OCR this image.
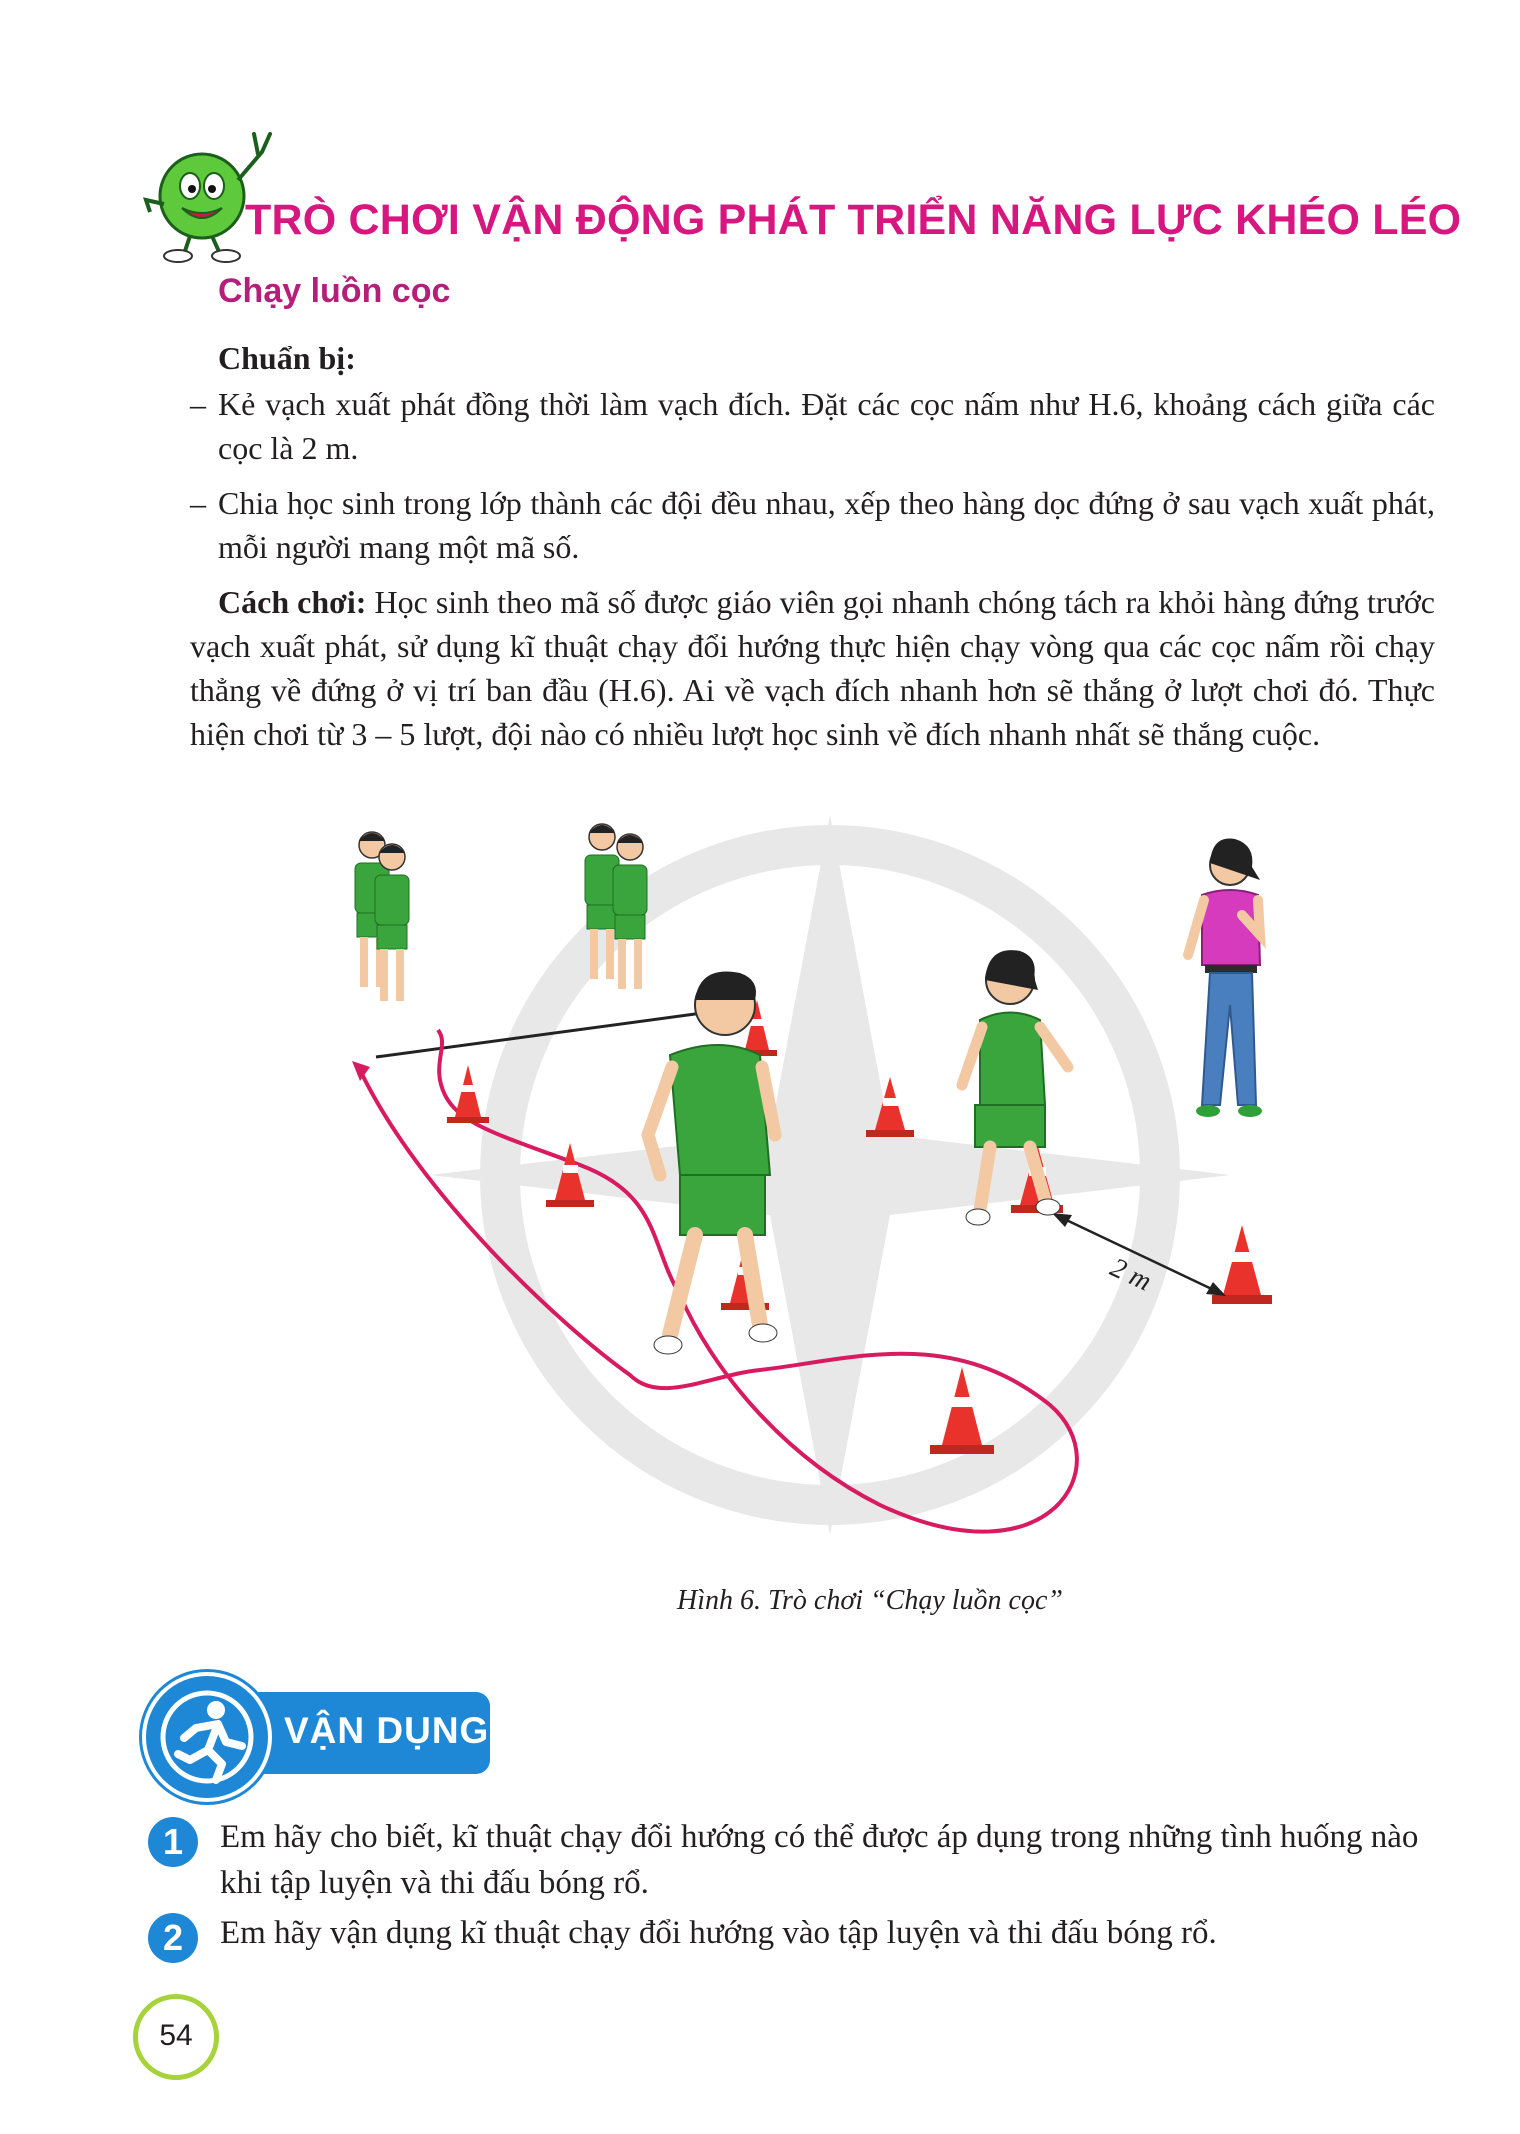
TRÒ CHƠI VẬN ĐỘNG PHÁT TRIỂN NĂNG LỰC KHÉO LÉO
Chạy luồn cọc
Chuẩn bị:
– Kẻ vạch xuất phát đồng thời làm vạch đích. Đặt các cọc nấm như H.6, khoảng cách giữa các cọc là 2 m.
– Chia học sinh trong lớp thành các đội đều nhau, xếp theo hàng dọc đứng ở sau vạch xuất phát, mỗi người mang một mã số.
Cách chơi: Học sinh theo mã số được giáo viên gọi nhanh chóng tách ra khỏi hàng đứng trước vạch xuất phát, sử dụng kĩ thuật chạy đổi hướng thực hiện chạy vòng qua các cọc nấm rồi chạy thẳng về đứng ở vị trí ban đầu (H.6). Ai về vạch đích nhanh hơn sẽ thắng ở lượt chơi đó. Thực hiện chơi từ 3 – 5 lượt, đội nào có nhiều lượt học sinh về đích nhanh nhất sẽ thắng cuộc.
2 m
Hình 6. Trò chơi “Chạy luồn cọc”
VẬN DỤNG
1	Em hãy cho biết, kĩ thuật chạy đổi hướng có thể được áp dụng trong những tình huống nào khi tập luyện và thi đấu bóng rổ.
2	Em hãy vận dụng kĩ thuật chạy đổi hướng vào tập luyện và thi đấu bóng rổ.
54
